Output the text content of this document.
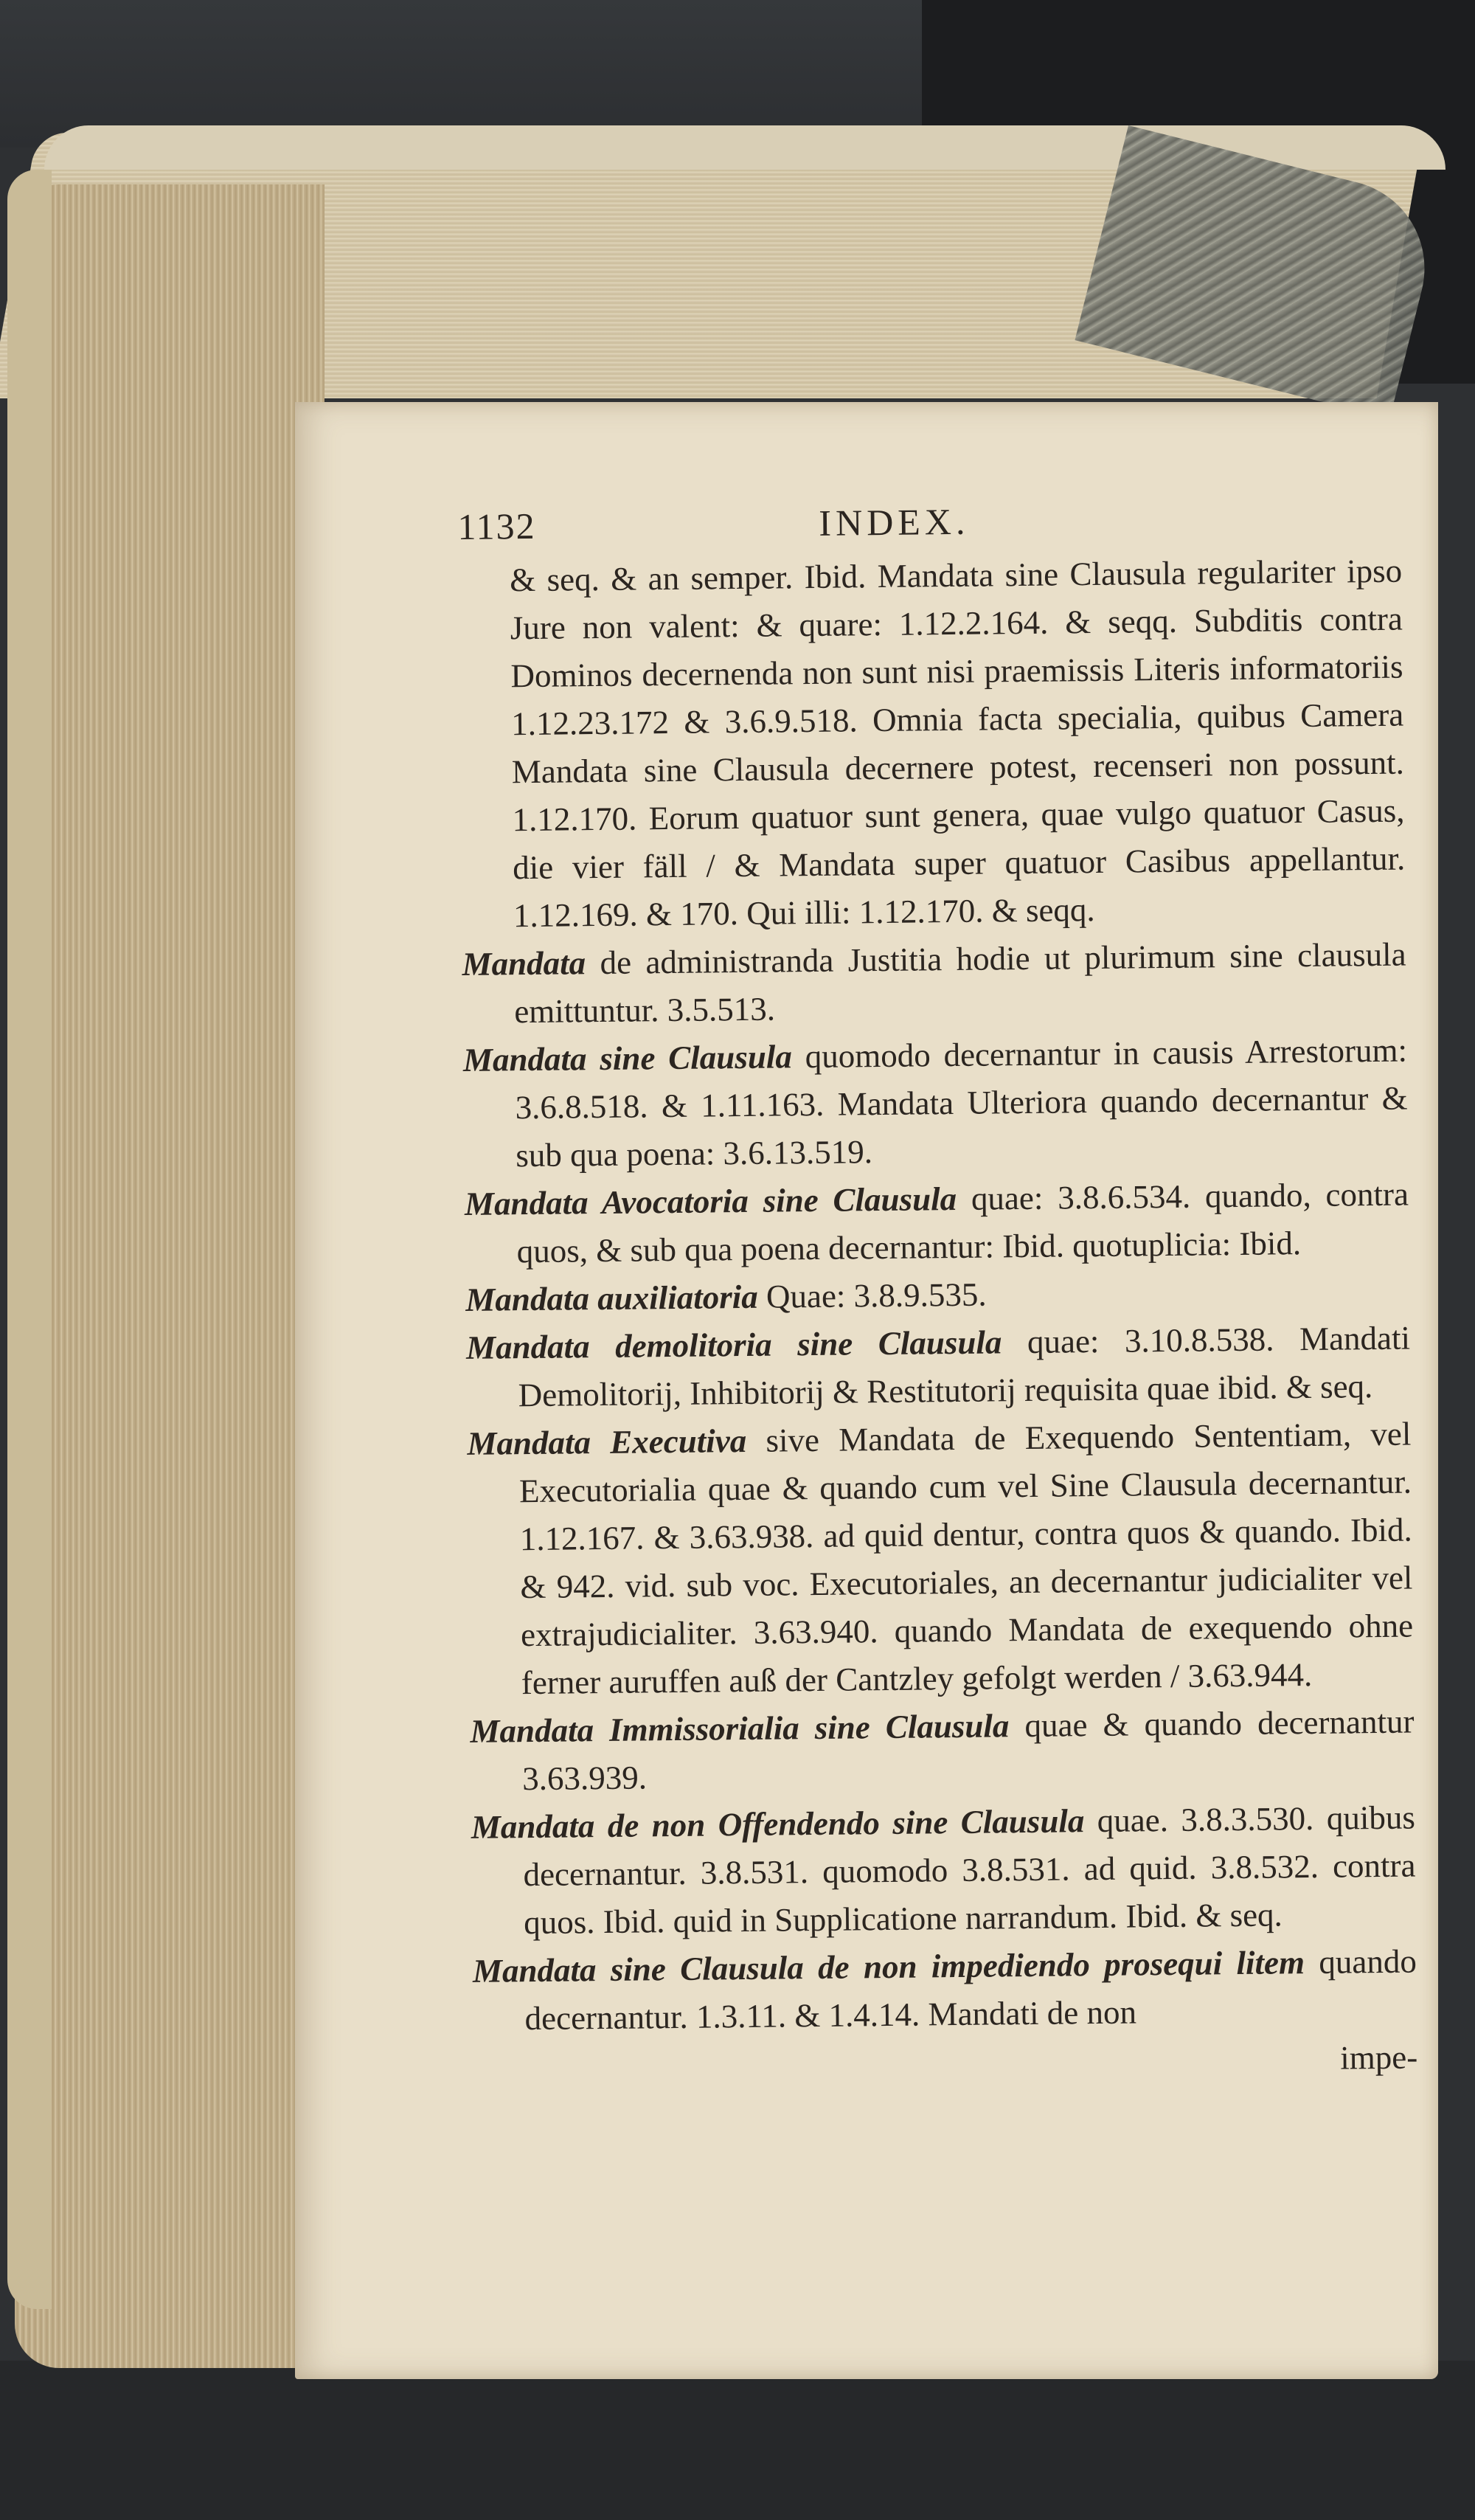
1132	INDEX.

& seq. & an semper. Ibid. Mandata sine Clausula regulariter ipso Jure non valent: & quare: 1.12.2.164. & seqq. Subditis contra Dominos decernenda non sunt nisi praemissis Literis informatoriis 1.12.23.172 & 3.6.9.518. Omnia facta specialia, quibus Camera Mandata sine Clausula decernere potest, recenseri non possunt. 1.12.170. Eorum quatuor sunt genera, quae vulgo quatuor Casus, die vier fäll / & Mandata super quatuor Casibus appellantur. 1.12.169. & 170. Qui illi: 1.12.170. & seqq.

Mandata de administranda Justitia hodie ut plurimum sine clausula emittuntur. 3.5.513.

Mandata sine Clausula quomodo decernantur in causis Arrestorum: 3.6.8.518. & 1.11.163. Mandata Ulteriora quando decernantur & sub qua poena: 3.6.13.519.

Mandata Avocatoria sine Clausula quae: 3.8.6.534. quando, contra quos, & sub qua poena decernantur: Ibid. quotuplicia: Ibid.

Mandata auxiliatoria Quae: 3.8.9.535.

Mandata demolitoria sine Clausula quae: 3.10.8.538. Mandati Demolitorij, Inhibitorij & Restitutorij requisita quae ibid. & seq.

Mandata Executiva sive Mandata de Exequendo Sententiam, vel Executorialia quae & quando cum vel Sine Clausula decernantur. 1.12.167. & 3.63.938. ad quid dentur, contra quos & quando. Ibid. & 942. vid. sub voc. Executoriales, an decernantur judicialiter vel extrajudicialiter. 3.63.940. quando Mandata de exequendo ohne ferner auruffen auß der Cantzley gefolgt werden / 3.63.944.

Mandata Immissorialia sine Clausula quae & quando decernantur 3.63.939.

Mandata de non Offendendo sine Clausula quae. 3.8.3.530. quibus decernantur. 3.8.531. quomodo 3.8.531. ad quid. 3.8.532. contra quos. Ibid. quid in Supplicatione narrandum. Ibid. & seq.

Mandata sine Clausula de non impediendo prosequi litem quando decernantur. 1.3.11. & 1.4.14. Mandati de non

impe-
